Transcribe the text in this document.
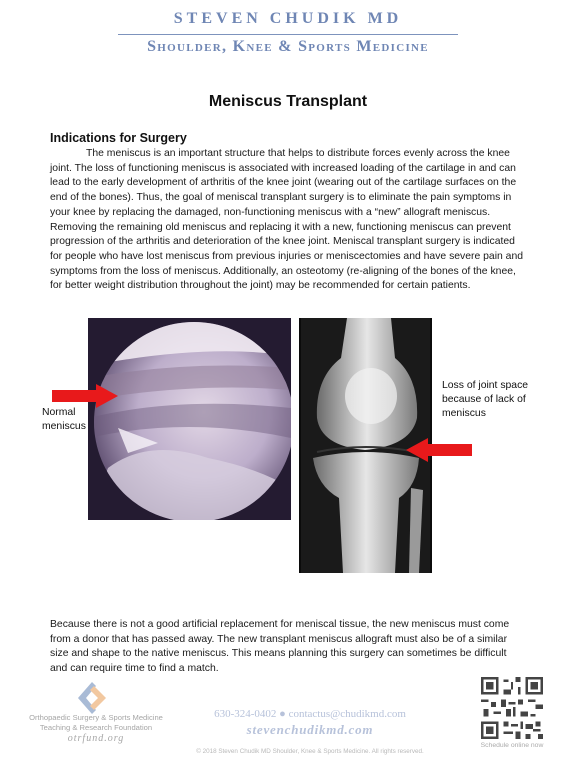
STEVEN CHUDIK MD
Shoulder, Knee & Sports Medicine
Meniscus Transplant
Indications for Surgery
The meniscus is an important structure that helps to distribute forces evenly across the knee joint. The loss of functioning meniscus is associated with increased loading of the cartilage in and can lead to the early development of arthritis of the knee joint (wearing out of the cartilage surfaces on the end of the bones). Thus, the goal of meniscal transplant surgery is to eliminate the pain symptoms in your knee by replacing the damaged, non-functioning meniscus with a “new” allograft meniscus. Removing the remaining old meniscus and replacing it with a new, functioning meniscus can prevent progression of the arthritis and deterioration of the knee joint. Meniscal transplant surgery is indicated for people who have lost meniscus from previous injuries or meniscectomies and have severe pain and symptoms from the loss of meniscus. Additionally, an osteotomy (re-aligning of the bones of the knee, for better weight distribution throughout the joint) may be recommended for certain patients.
Normal meniscus
Loss of joint space because of lack of meniscus
Because there is not a good artificial replacement for meniscal tissue, the new meniscus must come from a donor that has passed away. The new transplant meniscus allograft must also be of a similar size and shape to the native meniscus. This means planning this surgery can sometimes be difficult and can require time to find a match.
Orthopaedic Surgery & Sports Medicine
Teaching & Research Foundation
otrfund.org
630-324-0402 ● contactus@chudikmd.com
stevenchudikmd.com
© 2018 Steven Chudik MD Shoulder, Knee & Sports Medicine. All rights reserved.
Schedule online now
